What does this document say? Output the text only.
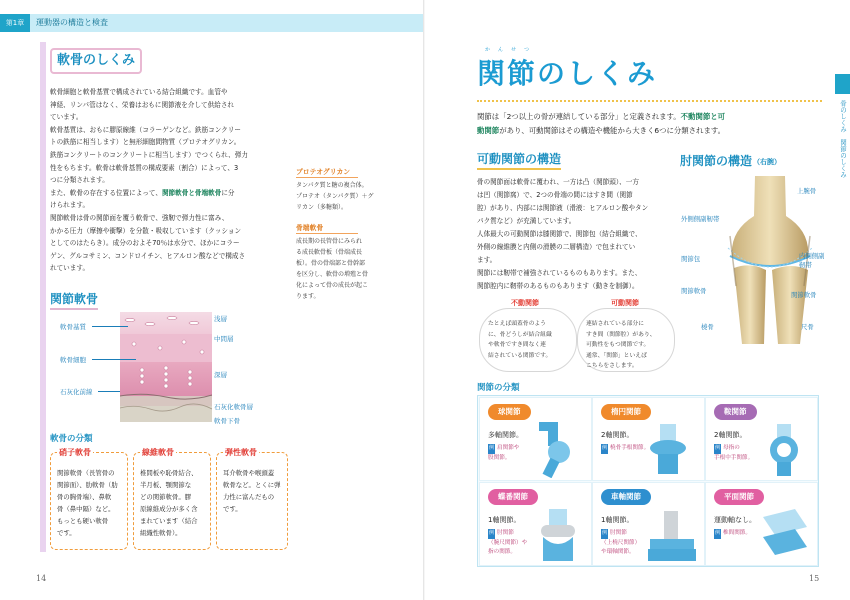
第1章	運動器の構造と検査
軟骨のしくみ
軟骨細胞と軟骨基質で構成されている結合組織です。血管や
神経、リンパ管はなく、栄養はおもに関節液を介して供給され
ています。
軟骨基質は、おもに膠原線維（コラーゲンなど。鉄筋コンクリー
トの鉄筋に相当します）と無形細胞間物質（プロテオグリカン。
鉄筋コンクリートのコンクリートに相当します）でつくられ、弾力
性をもちます。軟骨は軟骨基質の構成要素（割合）によって、3
つに分類されます。
また、軟骨の存在する位置によって、関節軟骨と骨端軟骨に分
けられます。
関節軟骨は骨の関節面を覆う軟骨で、強靭で弾力性に富み、
かかる圧力（摩擦や衝撃）を分散・吸収しています（クッション
としてのはたらき）。成分のおよそ70％は水分で、ほかにコラー
ゲン、グルコサミン、コンドロイチン、ヒアルロン酸などで構成さ
れています。
関節軟骨
軟骨基質
軟骨細胞
石灰化前線
浅層
中間層
深層
石灰化軟骨層
軟骨下骨
軟骨の分類
硝子軟骨
関節軟骨（長管骨の
関節面）、肋軟骨（肋
骨の胸骨端）、鼻軟
骨（鼻中隔）など。
もっとも硬い軟骨
です。
線維軟骨
椎間板や恥骨結合、
半月板、顎関節な
どの関節軟骨。膠
原線維成分が多く含
まれています（結合
組織性軟骨）。
弾性軟骨
耳介軟骨や喉頭蓋
軟骨など。とくに弾
力性に富んだもの
です。
プロテオグリカン
タンパク質と糖の複合体。
プロテオ（タンパク質）＋グ
リカン（多糖類）。
骨端軟骨
成長期の長管骨にみられ
る成長軟骨板（骨端成長
板）。骨の骨端部と骨幹部
を区分し、軟骨の増殖と骨
化によって骨の成長が起こ
ります。
14
かんせつ
関節のしくみ
骨のしくみ　関節のしくみ
関節は「2つ以上の骨が連結している部分」と定義されます。不動関節と可
動関節があり、可動関節はその構造や機能から大きく6つに分類されます。
可動関節の構造
骨の関節面は軟骨に覆われ、一方は凸（関節頭）、一方
は凹（関節窩）で、2つの骨端の間にはすき間（関節
腔）があり、内部には関節液（滑液：ヒアルロン酸やタン
パク質など）が充満しています。
人体最大の可動関節は膝関節で、関節包（結合組織で、
外側の線維膜と内側の滑膜の二層構造）で包まれてい
ます。
関節には靭帯で補強されているものもあります。また、
関節腔内に靭帯のあるものもあります（動きを制御）。
肘関節の構造 （右腕）
上腕骨
外側側副靭帯
関節包
関節軟骨
内側側副
靭帯
関節軟骨
橈骨	尺骨
不動関節
たとえば頭蓋骨のよう
に、骨どうしが結合組織
や軟骨ですき間なく連
結されている関節です。
可動関節
連結されている部分に
すき間（関節腔）があり、
可動性をもつ関節です。
通常、「関節」といえば
こちらをさします。
関節の分類
球関節
多軸関節。
例 肩関節や
股関節。
楕円関節
2軸関節。
例 橈骨手根関節。
鞍関節
2軸関節。
例 母指の
手根中手関節。
蝶番関節
1軸関節。
例 肘関節
（腕尺関節）や
指の関節。
車軸関節
1軸関節。
例 肘関節
（上橈尺関節）
や環軸関節。
平面関節
運動軸なし。
例 椎間関節。
15
